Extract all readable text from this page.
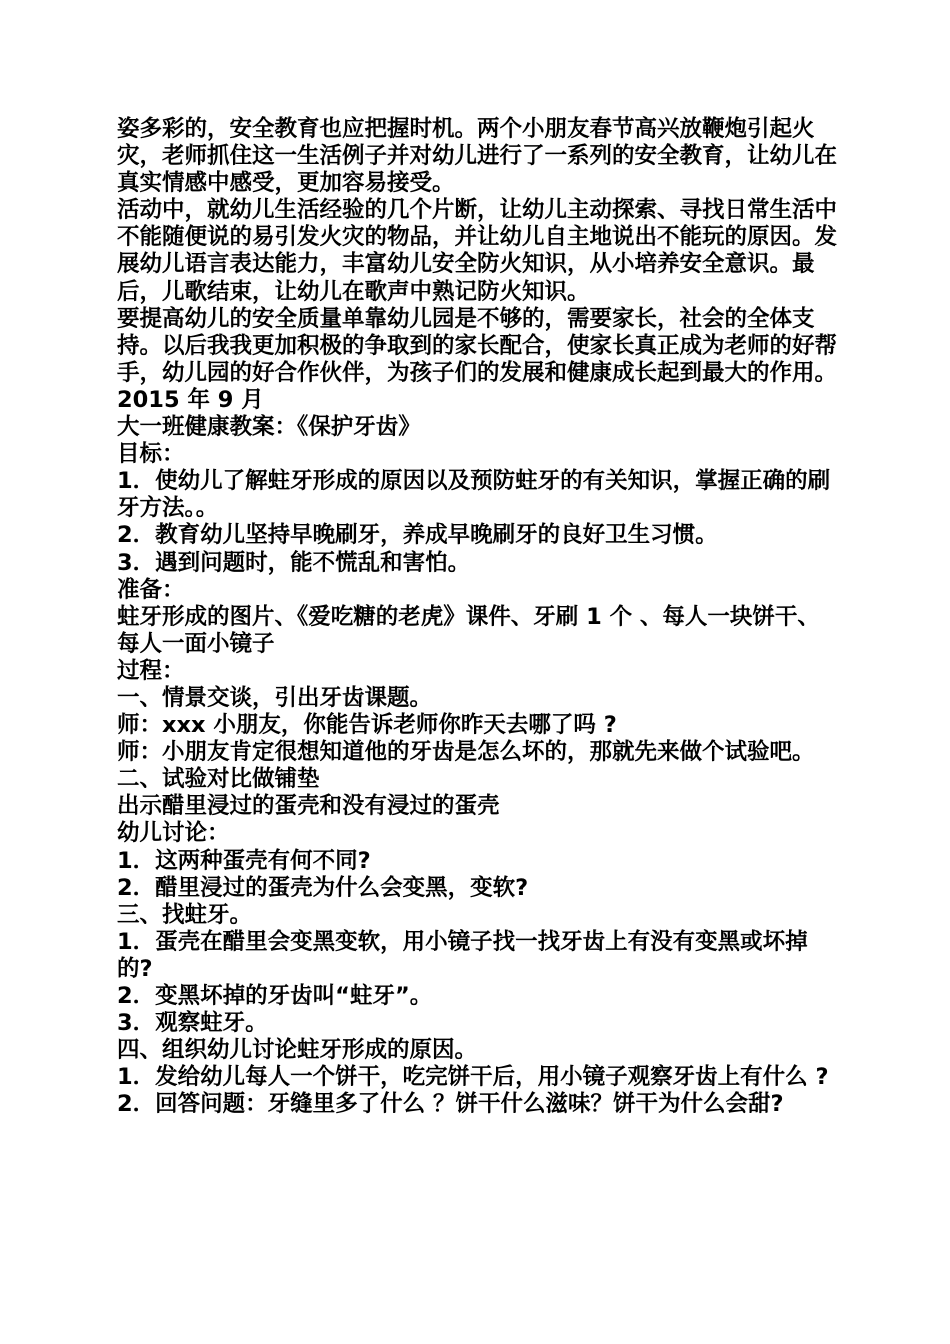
姿多彩的，安全教育也应把握时机。两个小朋友春节高兴放鞭炮引起火灾，老师抓住这一生活例子并对幼儿进行了一系列的安全教育，让幼儿在真实情感中感受，更加容易接受。

活动中，就幼儿生活经验的几个片断，让幼儿主动探索、寻找日常生活中不能随便说的易引发火灾的物品，并让幼儿自主地说出不能玩的原因。发展幼儿语言表达能力，丰富幼儿安全防火知识，从小培养安全意识。最后，儿歌结束，让幼儿在歌声中熟记防火知识。

要提高幼儿的安全质量单靠幼儿园是不够的，需要家长，社会的全体支持。以后我我更加积极的争取到的家长配合，使家长真正成为老师的好帮手，幼儿园的好合作伙伴，为孩子们的发展和健康成长起到最大的作用。

2015 年 9 月

大一班健康教案：《保护牙齿》

目标：

1．使幼儿了解蛀牙形成的原因以及预防蛀牙的有关知识，掌握正确的刷牙方法。。

2．教育幼儿坚持早晚刷牙，养成早晚刷牙的良好卫生习惯。

3．遇到问题时，能不慌乱和害怕。

准备：

蛀牙形成的图片、《爱吃糖的老虎》课件、牙刷 1 个 、每人一块饼干、每人一面小镜子

过程：

一、情景交谈，引出牙齿课题。

师：xxx 小朋友，你能告诉老师你昨天去哪了吗 ?

师：小朋友肯定很想知道他的牙齿是怎么坏的，那就先来做个试验吧。

二、试验对比做铺垫

出示醋里浸过的蛋壳和没有浸过的蛋壳

幼儿讨论：

1．这两种蛋壳有何不同?

2．醋里浸过的蛋壳为什么会变黑，变软?

三、找蛀牙。

1．蛋壳在醋里会变黑变软，用小镜子找一找牙齿上有没有变黑或坏掉的?

2．变黑坏掉的牙齿叫“蛀牙”。

3．观察蛀牙。

四、组织幼儿讨论蛀牙形成的原因。

1．发给幼儿每人一个饼干，吃完饼干后，用小镜子观察牙齿上有什么 ?

2．回答问题：牙缝里多了什么 ？饼干什么滋味？饼干为什么会甜?
